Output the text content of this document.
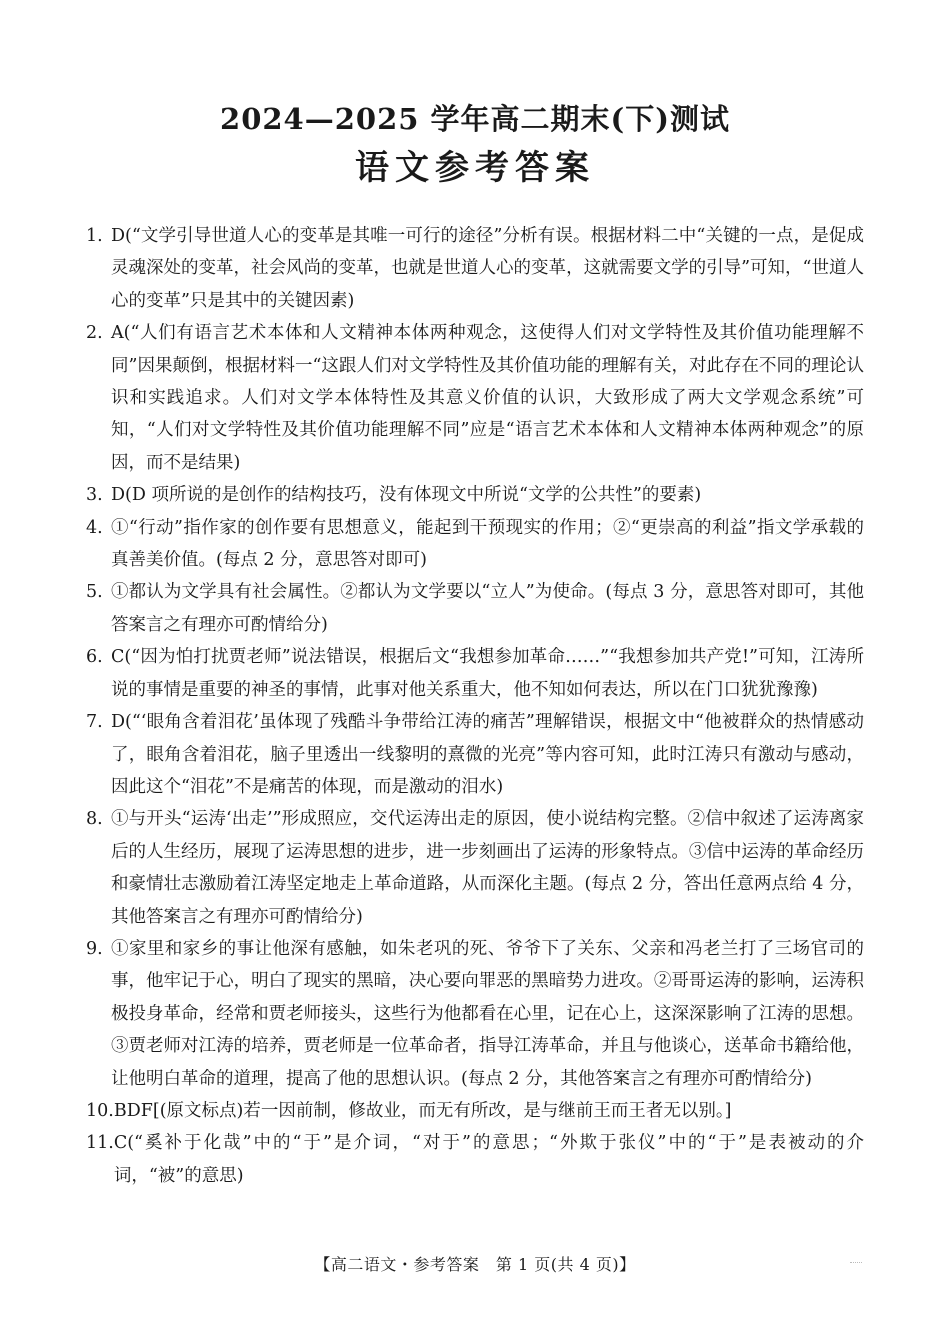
2024—2025 学年高二期末(下)测试
语文参考答案
1. D(“文学引导世道人心的变革是其唯一可行的途径”分析有误。根据材料二中“关键的一点，是促成灵魂深处的变革，社会风尚的变革，也就是世道人心的变革，这就需要文学的引导”可知，“世道人心的变革”只是其中的关键因素)
2. A(“人们有语言艺术本体和人文精神本体两种观念，这使得人们对文学特性及其价值功能理解不同”因果颠倒，根据材料一“这跟人们对文学特性及其价值功能的理解有关，对此存在不同的理论认识和实践追求。人们对文学本体特性及其意义价值的认识，大致形成了两大文学观念系统”可知，“人们对文学特性及其价值功能理解不同”应是“语言艺术本体和人文精神本体两种观念”的原因，而不是结果)
3. D(D 项所说的是创作的结构技巧，没有体现文中所说“文学的公共性”的要素)
4. ①“行动”指作家的创作要有思想意义，能起到干预现实的作用；②“更崇高的利益”指文学承载的真善美价值。(每点 2 分，意思答对即可)
5. ①都认为文学具有社会属性。②都认为文学要以“立人”为使命。(每点 3 分，意思答对即可，其他答案言之有理亦可酌情给分)
6. C(“因为怕打扰贾老师”说法错误，根据后文“我想参加革命……”“我想参加共产党!”可知，江涛所说的事情是重要的神圣的事情，此事对他关系重大，他不知如何表达，所以在门口犹犹豫豫)
7. D(“‘眼角含着泪花’虽体现了残酷斗争带给江涛的痛苦”理解错误，根据文中“他被群众的热情感动了，眼角含着泪花，脑子里透出一线黎明的熹微的光亮”等内容可知，此时江涛只有激动与感动，因此这个“泪花”不是痛苦的体现，而是激动的泪水)
8. ①与开头“运涛‘出走’”形成照应，交代运涛出走的原因，使小说结构完整。②信中叙述了运涛离家后的人生经历，展现了运涛思想的进步，进一步刻画出了运涛的形象特点。③信中运涛的革命经历和豪情壮志激励着江涛坚定地走上革命道路，从而深化主题。(每点 2 分，答出任意两点给 4 分，其他答案言之有理亦可酌情给分)
9. ①家里和家乡的事让他深有感触，如朱老巩的死、爷爷下了关东、父亲和冯老兰打了三场官司的事，他牢记于心，明白了现实的黑暗，决心要向罪恶的黑暗势力进攻。②哥哥运涛的影响，运涛积极投身革命，经常和贾老师接头，这些行为他都看在心里，记在心上，这深深影响了江涛的思想。③贾老师对江涛的培养，贾老师是一位革命者，指导江涛革命，并且与他谈心，送革命书籍给他，让他明白革命的道理，提高了他的思想认识。(每点 2 分，其他答案言之有理亦可酌情给分)
10. BDF[(原文标点)若一因前制，修故业，而无有所改，是与继前王而王者无以别。]
11. C(“奚补于化哉”中的“于”是介词，“对于”的意思；“外欺于张仪”中的“于”是表被动的介词，“被”的意思)
【高二语文・参考答案　第 1 页(共 4 页)】
